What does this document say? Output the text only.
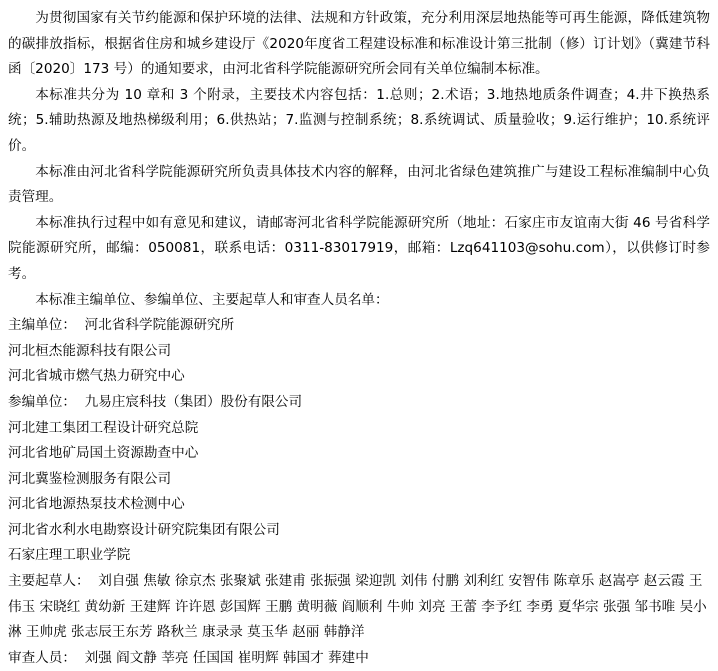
为贯彻国家有关节约能源和保护环境的法律、法规和方针政策，充分利用深层地热能等可再生能源，降低建筑物的碳排放指标，根据省住房和城乡建设厅《2020年度省工程建设标准和标准设计第三批制（修）订计划》（冀建节科函〔2020〕173 号）的通知要求，由河北省科学院能源研究所会同有关单位编制本标准。

本标准共分为 10 章和 3 个附录，主要技术内容包括：1.总则；2.术语；3.地热地质条件调查；4.井下换热系统；5.辅助热源及地热梯级利用；6.供热站；7.监测与控制系统；8.系统调试、质量验收；9.运行维护；10.系统评价。

本标准由河北省科学院能源研究所负责具体技术内容的解释，由河北省绿色建筑推广与建设工程标准编制中心负责管理。

本标准执行过程中如有意见和建议，请邮寄河北省科学院能源研究所（地址：石家庄市友谊南大街 46 号省科学院能源研究所，邮编：050081，联系电话：0311-83017919，邮箱：Lzq641103@sohu.com），以供修订时参考。

本标准主编单位、参编单位、主要起草人和审查人员名单：

主编单位：  河北省科学院能源研究所

河北桓杰能源科技有限公司

河北省城市燃气热力研究中心

参编单位：  九易庄宸科技（集团）股份有限公司

河北建工集团工程设计研究总院

河北省地矿局国土资源勘查中心

河北冀鉴检测服务有限公司

河北省地源热泵技术检测中心

河北省水利水电勘察设计研究院集团有限公司

石家庄理工职业学院

主要起草人：  刘自强 焦敏 徐京杰 张聚斌 张建甫 张振强 梁迎凯 刘伟 付鹏 刘利红 安智伟 陈章乐 赵嵩亭 赵云霞 王伟玉 宋晓红 黄幼新 王建辉 许许恩 彭国辉 王鹏 黄明薇 阎顺利 牛帅 刘亮 王蕾 李予红 李勇 夏华宗 张强 邹书唯 吴小淋 王帅虎 张志辰王东芳 路秋兰 康录录 莫玉华 赵丽 韩静洋

审查人员：  刘强 阎文静 莘亮 任国国 崔明辉 韩国才 葬建中
